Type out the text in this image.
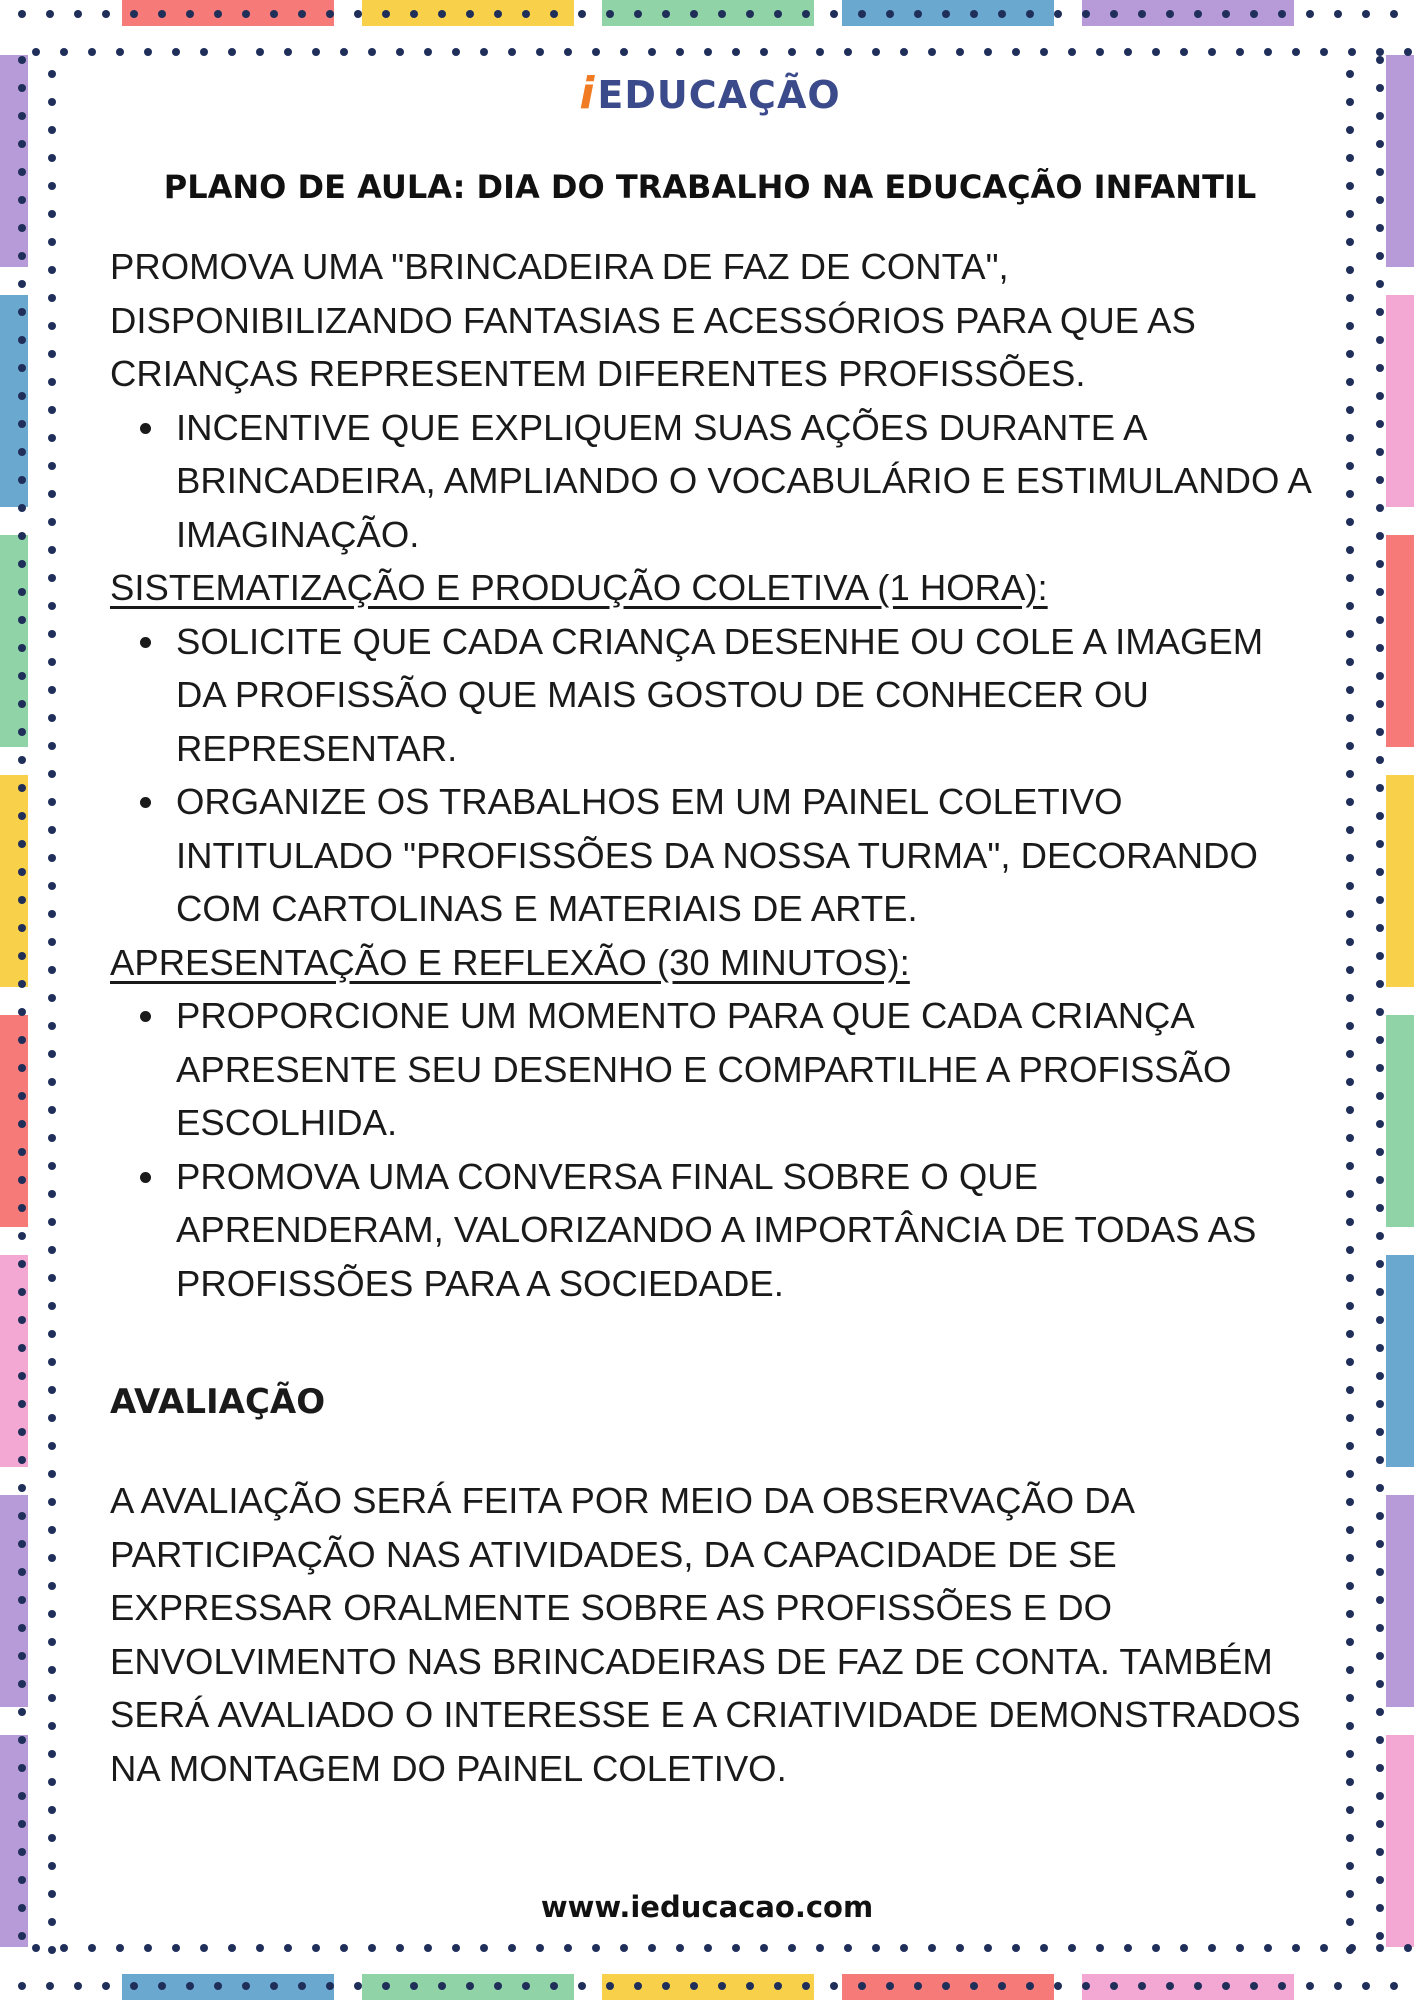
iEDUCAÇÃO
PLANO DE AULA: DIA DO TRABALHO NA EDUCAÇÃO INFANTIL

PROMOVA UMA "BRINCADEIRA DE FAZ DE CONTA", DISPONIBILIZANDO FANTASIAS E ACESSÓRIOS PARA QUE AS CRIANÇAS REPRESENTEM DIFERENTES PROFISSÕES.

INCENTIVE QUE EXPLIQUEM SUAS AÇÕES DURANTE A BRINCADEIRA, AMPLIANDO O VOCABULÁRIO E ESTIMULANDO A IMAGINAÇÃO.
SISTEMATIZAÇÃO E PRODUÇÃO COLETIVA (1 HORA):
SOLICITE QUE CADA CRIANÇA DESENHE OU COLE A IMAGEM DA PROFISSÃO QUE MAIS GOSTOU DE CONHECER OU REPRESENTAR.
ORGANIZE OS TRABALHOS EM UM PAINEL COLETIVO INTITULADO "PROFISSÕES DA NOSSA TURMA", DECORANDO COM CARTOLINAS E MATERIAIS DE ARTE.
APRESENTAÇÃO E REFLEXÃO (30 MINUTOS):
PROPORCIONE UM MOMENTO PARA QUE CADA CRIANÇA APRESENTE SEU DESENHO E COMPARTILHE A PROFISSÃO ESCOLHIDA.
PROMOVA UMA CONVERSA FINAL SOBRE O QUE APRENDERAM, VALORIZANDO A IMPORTÂNCIA DE TODAS AS PROFISSÕES PARA A SOCIEDADE.
AVALIAÇÃO

A AVALIAÇÃO SERÁ FEITA POR MEIO DA OBSERVAÇÃO DA PARTICIPAÇÃO NAS ATIVIDADES, DA CAPACIDADE DE SE EXPRESSAR ORALMENTE SOBRE AS PROFISSÕES E DO ENVOLVIMENTO NAS BRINCADEIRAS DE FAZ DE CONTA. TAMBÉM SERÁ AVALIADO O INTERESSE E A CRIATIVIDADE DEMONSTRADOS NA MONTAGEM DO PAINEL COLETIVO.

www.ieducacao.com
